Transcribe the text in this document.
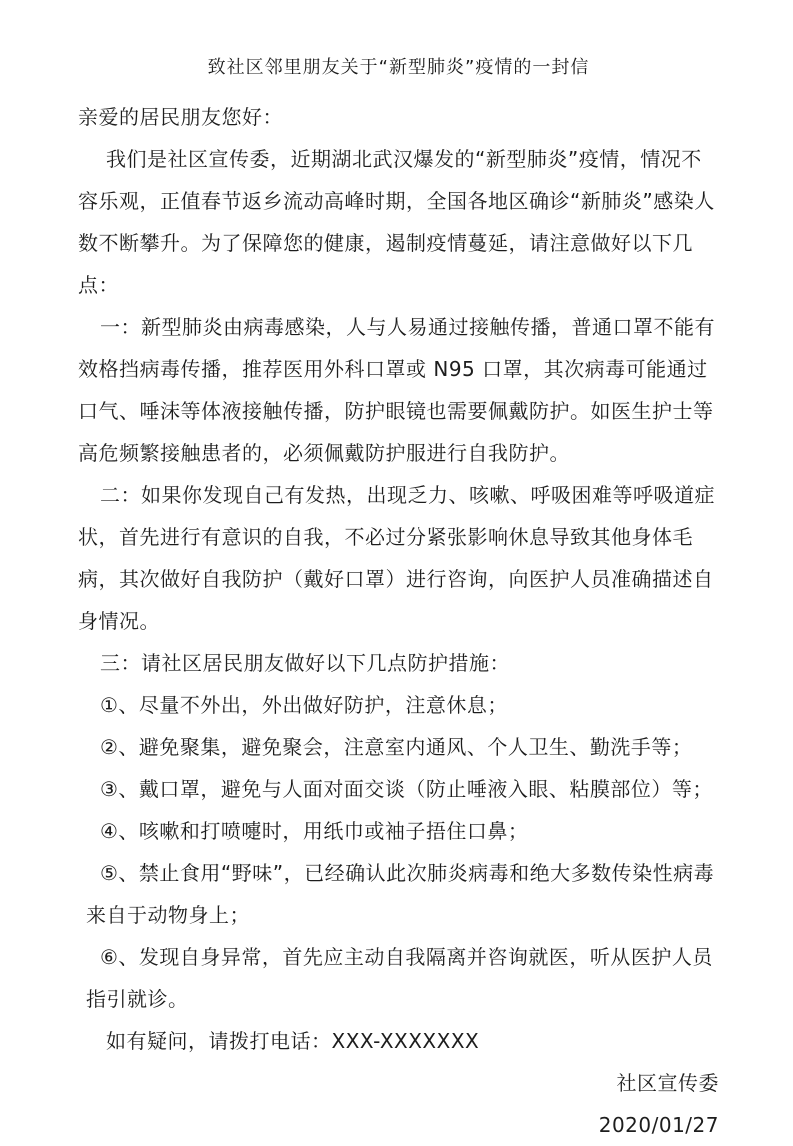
致社区邻里朋友关于“新型肺炎”疫情的一封信

亲爱的居民朋友您好：

我们是社区宣传委，近期湖北武汉爆发的“新型肺炎”疫情，情况不容乐观，正值春节返乡流动高峰时期，全国各地区确诊“新肺炎”感染人数不断攀升。为了保障您的健康，遏制疫情蔓延，请注意做好以下几点：

一：新型肺炎由病毒感染，人与人易通过接触传播，普通口罩不能有效格挡病毒传播，推荐医用外科口罩或 N95 口罩，其次病毒可能通过口气、唾沫等体液接触传播，防护眼镜也需要佩戴防护。如医生护士等高危频繁接触患者的，必须佩戴防护服进行自我防护。

二：如果你发现自己有发热，出现乏力、咳嗽、呼吸困难等呼吸道症状，首先进行有意识的自我，不必过分紧张影响休息导致其他身体毛病，其次做好自我防护（戴好口罩）进行咨询，向医护人员准确描述自身情况。

三：请社区居民朋友做好以下几点防护措施：

①、尽量不外出，外出做好防护，注意休息；

②、避免聚集，避免聚会，注意室内通风、个人卫生、勤洗手等；

③、戴口罩，避免与人面对面交谈（防止唾液入眼、粘膜部位）等；

④、咳嗽和打喷嚏时，用纸巾或袖子捂住口鼻；

⑤、禁止食用“野味”，已经确认此次肺炎病毒和绝大多数传染性病毒来自于动物身上；

⑥、发现自身异常，首先应主动自我隔离并咨询就医，听从医护人员指引就诊。

如有疑问，请拨打电话：XXX-XXXXXXX

社区宣传委

2020/01/27
